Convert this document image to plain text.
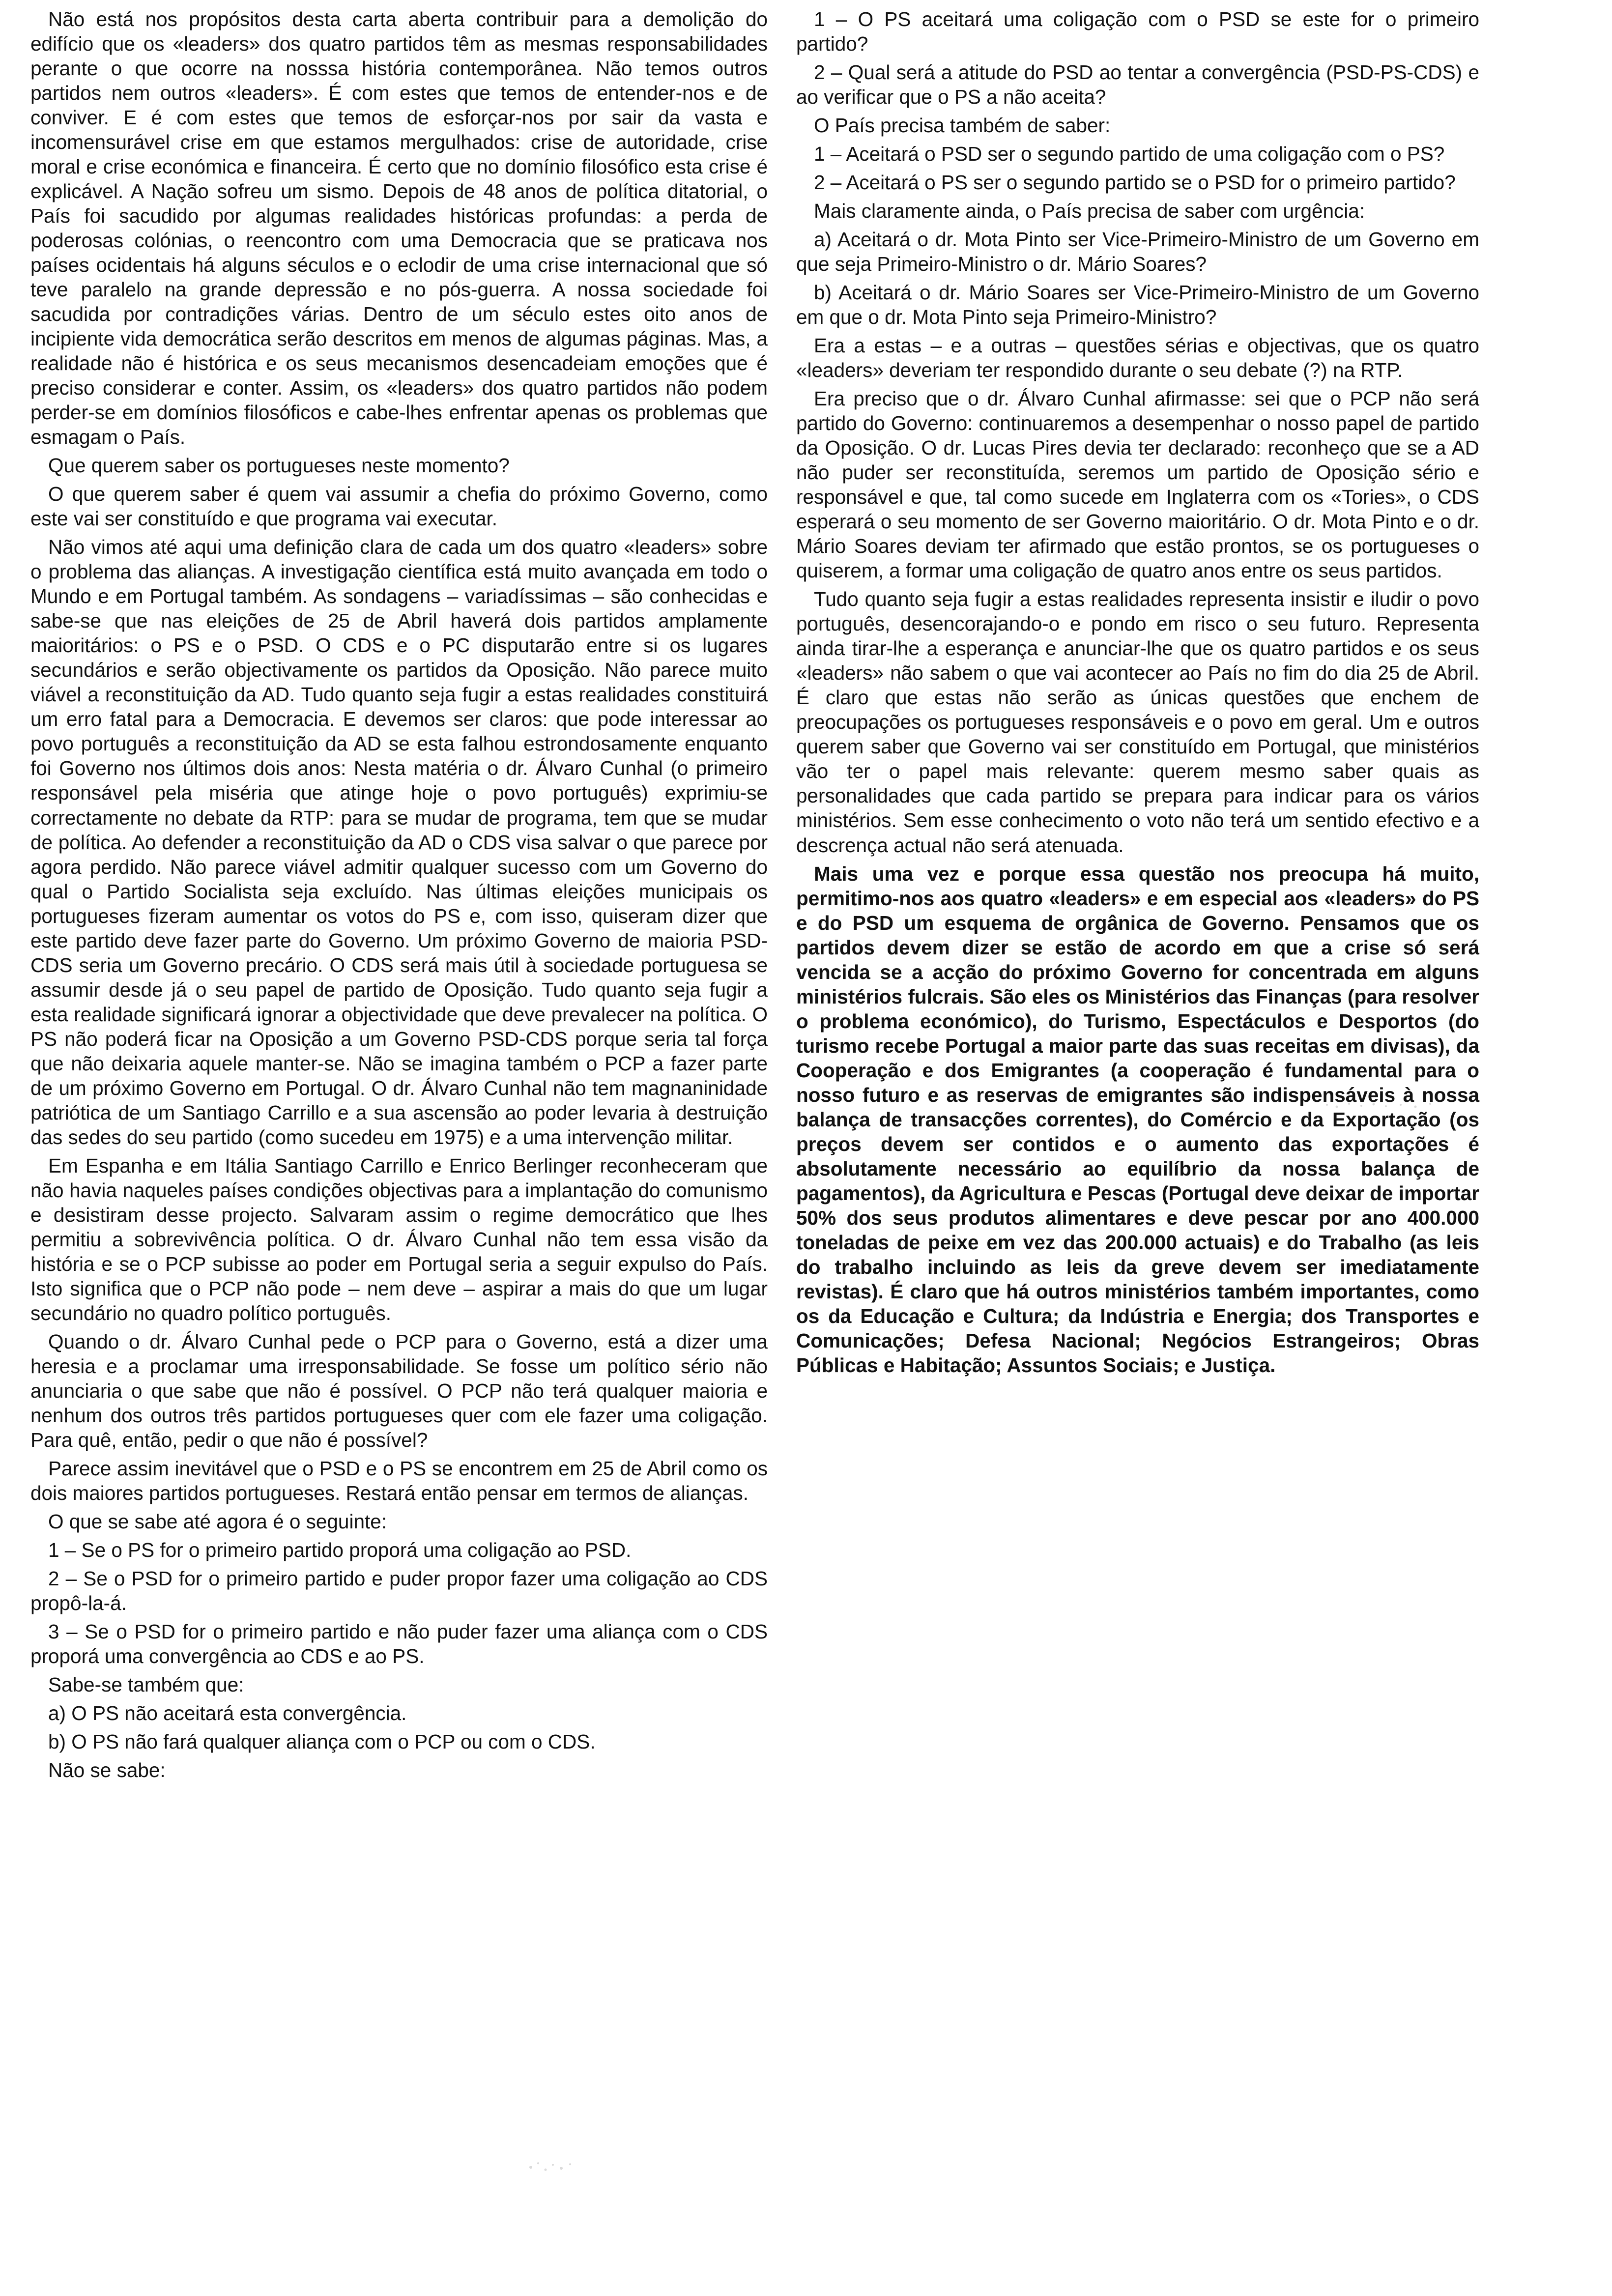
Não está nos propósitos desta carta aberta contribuir para a demolição do edifício que os «leaders» dos quatro partidos têm as mesmas responsabilidades perante o que ocorre na nosssa história contemporânea. Não temos outros partidos nem outros «leaders». É com estes que temos de entender-nos e de conviver. E é com estes que temos de esforçar-nos por sair da vasta e incomensurável crise em que estamos mergulhados: crise de autoridade, crise moral e crise económica e financeira. É certo que no domínio filosófico esta crise é explicável. A Nação sofreu um sismo. Depois de 48 anos de política ditatorial, o País foi sacudido por algumas realidades históricas profundas: a perda de poderosas colónias, o reencontro com uma Democracia que se praticava nos países ocidentais há alguns séculos e o eclodir de uma crise internacional que só teve paralelo na grande depressão e no pós-guerra. A nossa sociedade foi sacudida por contradições várias. Dentro de um século estes oito anos de incipiente vida democrática serão descritos em menos de algumas páginas. Mas, a realidade não é histórica e os seus mecanismos desencadeiam emoções que é preciso considerar e conter. Assim, os «leaders» dos quatro partidos não podem perder-se em domínios filosóficos e cabe-lhes enfrentar apenas os problemas que esmagam o País.

Que querem saber os portugueses neste momento?

O que querem saber é quem vai assumir a chefia do próximo Governo, como este vai ser constituído e que programa vai executar.

Não vimos até aqui uma definição clara de cada um dos quatro «leaders» sobre o problema das alianças. A investigação científica está muito avançada em todo o Mundo e em Portugal também. As sondagens – variadíssimas – são conhecidas e sabe-se que nas eleições de 25 de Abril haverá dois partidos amplamente maioritários: o PS e o PSD. O CDS e o PC disputarão entre si os lugares secundários e serão objectivamente os partidos da Oposição. Não parece muito viável a reconstituição da AD. Tudo quanto seja fugir a estas realidades constituirá um erro fatal para a Democracia. E devemos ser claros: que pode interessar ao povo português a reconstituição da AD se esta falhou estrondosamente enquanto foi Governo nos últimos dois anos: Nesta matéria o dr. Álvaro Cunhal (o primeiro responsável pela miséria que atinge hoje o povo português) exprimiu-se correctamente no debate da RTP: para se mudar de programa, tem que se mudar de política. Ao defender a reconstituição da AD o CDS visa salvar o que parece por agora perdido. Não parece viável admitir qualquer sucesso com um Governo do qual o Partido Socialista seja excluído. Nas últimas eleições municipais os portugueses fizeram aumentar os votos do PS e, com isso, quiseram dizer que este partido deve fazer parte do Governo. Um próximo Governo de maioria PSD-CDS seria um Governo precário. O CDS será mais útil à sociedade portuguesa se assumir desde já o seu papel de partido de Oposição. Tudo quanto seja fugir a esta realidade significará ignorar a objectividade que deve prevalecer na política. O PS não poderá ficar na Oposição a um Governo PSD-CDS porque seria tal força que não deixaria aquele manter-se. Não se imagina também o PCP a fazer parte de um próximo Governo em Portugal. O dr. Álvaro Cunhal não tem magnaninidade patriótica de um Santiago Carrillo e a sua ascensão ao poder levaria à destruição das sedes do seu partido (como sucedeu em 1975) e a uma intervenção militar.

Em Espanha e em Itália Santiago Carrillo e Enrico Berlinger reconheceram que não havia naqueles países condições objectivas para a implantação do comunismo e desistiram desse projecto. Salvaram assim o regime democrático que lhes permitiu a sobrevivência política. O dr. Álvaro Cunhal não tem essa visão da história e se o PCP subisse ao poder em Portugal seria a seguir expulso do País. Isto significa que o PCP não pode – nem deve – aspirar a mais do que um lugar secundário no quadro político português.

Quando o dr. Álvaro Cunhal pede o PCP para o Governo, está a dizer uma heresia e a proclamar uma irresponsabilidade. Se fosse um político sério não anunciaria o que sabe que não é possível. O PCP não terá qualquer maioria e nenhum dos outros três partidos portugueses quer com ele fazer uma coligação. Para quê, então, pedir o que não é possível?

Parece assim inevitável que o PSD e o PS se encontrem em 25 de Abril como os dois maiores partidos portugueses. Restará então pensar em termos de alianças.

O que se sabe até agora é o seguinte:

1 – Se o PS for o primeiro partido proporá uma coligação ao PSD.

2 – Se o PSD for o primeiro partido e puder propor fazer uma coligação ao CDS propô-la-á.

3 – Se o PSD for o primeiro partido e não puder fazer uma aliança com o CDS proporá uma convergência ao CDS e ao PS.

Sabe-se também que:

a) O PS não aceitará esta convergência.

b) O PS não fará qualquer aliança com o PCP ou com o CDS.

Não se sabe:

1 – O PS aceitará uma coligação com o PSD se este for o primeiro partido?

2 – Qual será a atitude do PSD ao tentar a convergência (PSD-PS-CDS) e ao verificar que o PS a não aceita?

O País precisa também de saber:

1 – Aceitará o PSD ser o segundo partido de uma coligação com o PS?

2 – Aceitará o PS ser o segundo partido se o PSD for o primeiro partido?

Mais claramente ainda, o País precisa de saber com urgência:

a) Aceitará o dr. Mota Pinto ser Vice-Primeiro-Ministro de um Governo em que seja Primeiro-Ministro o dr. Mário Soares?

b) Aceitará o dr. Mário Soares ser Vice-Primeiro-Ministro de um Governo em que o dr. Mota Pinto seja Primeiro-Ministro?

Era a estas – e a outras – questões sérias e objectivas, que os quatro «leaders» deveriam ter respondido durante o seu debate (?) na RTP.

Era preciso que o dr. Álvaro Cunhal afirmasse: sei que o PCP não será partido do Governo: continuaremos a desempenhar o nosso papel de partido da Oposição. O dr. Lucas Pires devia ter declarado: reconheço que se a AD não puder ser reconstituída, seremos um partido de Oposição sério e responsável e que, tal como sucede em Inglaterra com os «Tories», o CDS esperará o seu momento de ser Governo maioritário. O dr. Mota Pinto e o dr. Mário Soares deviam ter afirmado que estão prontos, se os portugueses o quiserem, a formar uma coligação de quatro anos entre os seus partidos.

Tudo quanto seja fugir a estas realidades representa insistir e iludir o povo português, desencorajando-o e pondo em risco o seu futuro. Representa ainda tirar-lhe a esperança e anunciar-lhe que os quatro partidos e os seus «leaders» não sabem o que vai acontecer ao País no fim do dia 25 de Abril. É claro que estas não serão as únicas questões que enchem de preocupações os portugueses responsáveis e o povo em geral. Um e outros querem saber que Governo vai ser constituído em Portugal, que ministérios vão ter o papel mais relevante: querem mesmo saber quais as personalidades que cada partido se prepara para indicar para os vários ministérios. Sem esse conhecimento o voto não terá um sentido efectivo e a descrença actual não será atenuada.

Mais uma vez e porque essa questão nos preocupa há muito, permitimo-nos aos quatro «leaders» e em especial aos «leaders» do PS e do PSD um esquema de orgânica de Governo. Pensamos que os partidos devem dizer se estão de acordo em que a crise só será vencida se a acção do próximo Governo for concentrada em alguns ministérios fulcrais. São eles os Ministérios das Finanças (para resolver o problema económico), do Turismo, Espectáculos e Desportos (do turismo recebe Portugal a maior parte das suas receitas em divisas), da Cooperação e dos Emigrantes (a cooperação é fundamental para o nosso futuro e as reservas de emigrantes são indispensáveis à nossa balança de transacções correntes), do Comércio e da Exportação (os preços devem ser contidos e o aumento das exportações é absolutamente necessário ao equilíbrio da nossa balança de pagamentos), da Agricultura e Pescas (Portugal deve deixar de importar 50% dos seus produtos alimentares e deve pescar por ano 400.000 toneladas de peixe em vez das 200.000 actuais) e do Trabalho (as leis do trabalho incluindo as leis da greve devem ser imediatamente revistas). É claro que há outros ministérios também importantes, como os da Educação e Cultura; da Indústria e Energia; dos Transportes e Comunicações; Defesa Nacional; Negócios Estrangeiros; Obras Públicas e Habitação; Assuntos Sociais; e Justiça.
